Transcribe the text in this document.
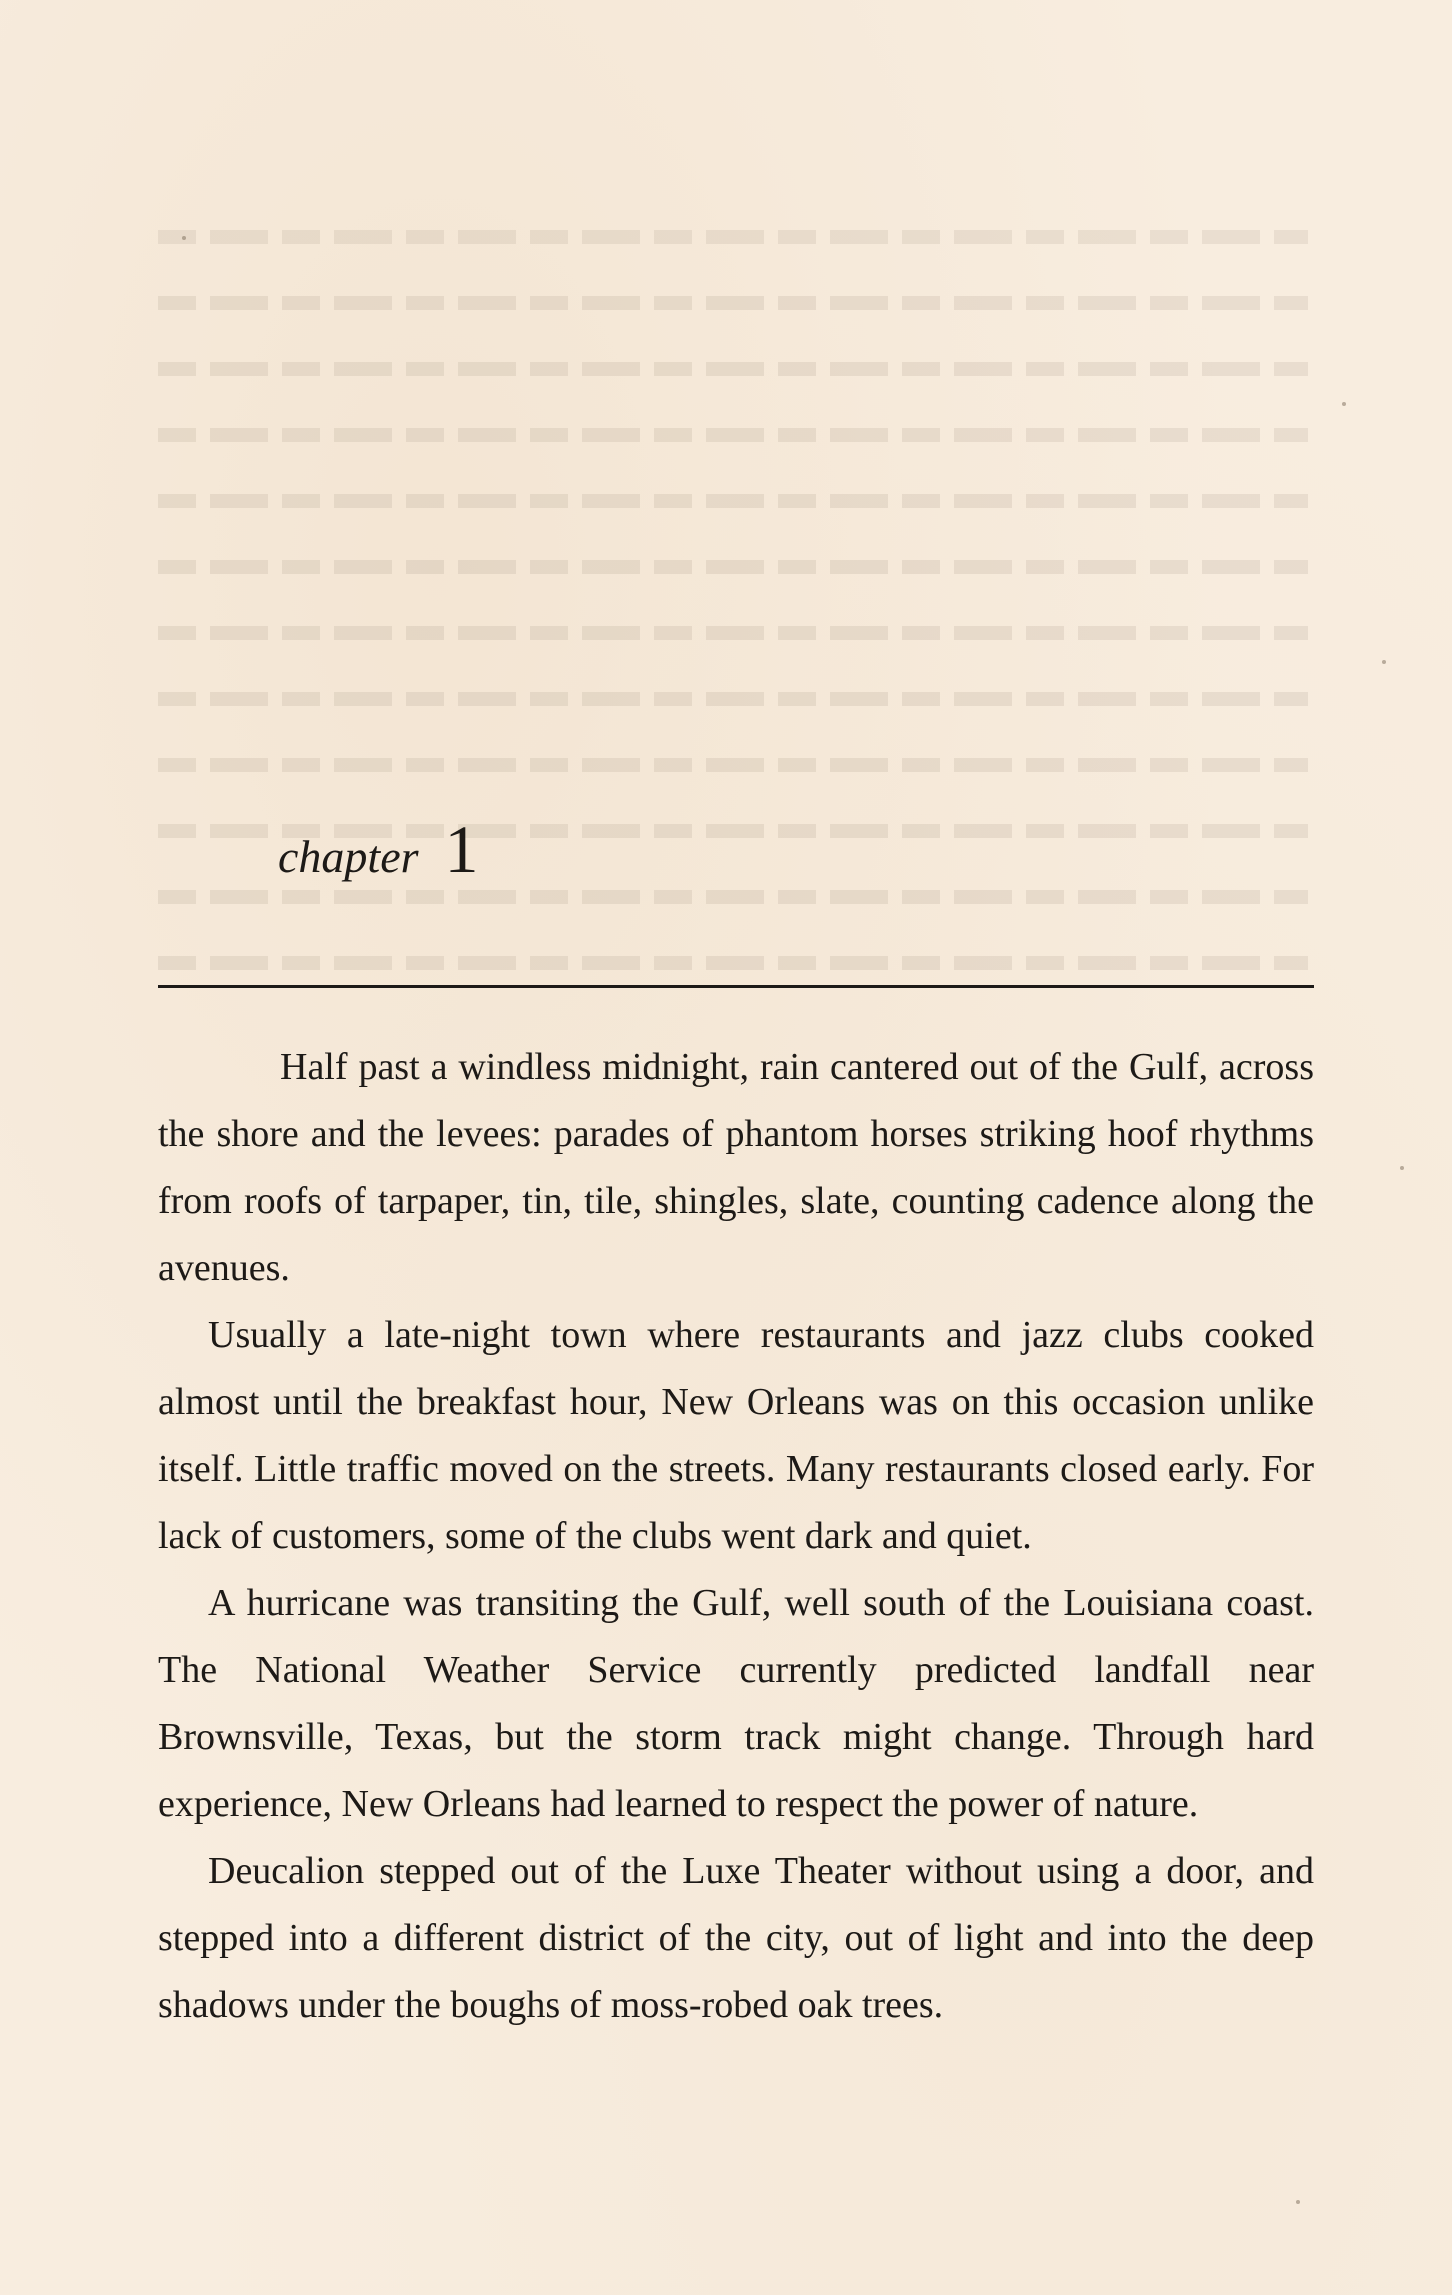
chapter 1

Half past a windless midnight, rain cantered out of the Gulf, across the shore and the levees: parades of phantom horses striking hoof rhythms from roofs of tarpaper, tin, tile, shingles, slate, counting cadence along the avenues.

Usually a late-night town where restaurants and jazz clubs cooked almost until the breakfast hour, New Orleans was on this occasion unlike itself. Little traffic moved on the streets. Many restaurants closed early. For lack of customers, some of the clubs went dark and quiet.

A hurricane was transiting the Gulf, well south of the Louisiana coast. The National Weather Service currently predicted landfall near Brownsville, Texas, but the storm track might change. Through hard experience, New Orleans had learned to respect the power of nature.

Deucalion stepped out of the Luxe Theater without using a door, and stepped into a different district of the city, out of light and into the deep shadows under the boughs of moss-robed oak trees.
